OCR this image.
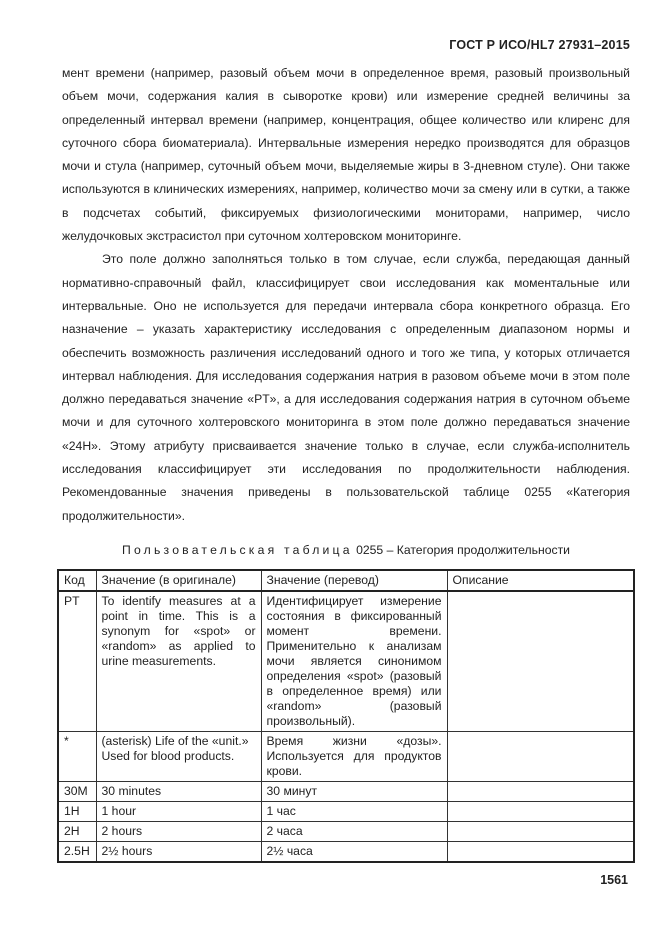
ГОСТ Р ИСО/HL7 27931–2015

мент времени (например, разовый объем мочи в определенное время, разовый произвольный объем мочи, содержания калия в сыворотке крови) или измерение средней величины за определенный интервал времени (например, концентрация, общее количество или клиренс для суточного сбора биоматериала). Интервальные измерения нередко производятся для образцов мочи и стула (например, суточный объем мочи, выделяемые жиры в 3-дневном стуле). Они также используются в клинических измерениях, например, количество мочи за смену или в сутки, а также в подсчетах событий, фиксируемых физиологическими мониторами, например, число желудочковых экстрасистол при суточном холтеровском мониторинге.

Это поле должно заполняться только в том случае, если служба, передающая данный нормативно-справочный файл, классифицирует свои исследования как моментальные или интервальные. Оно не используется для передачи интервала сбора конкретного образца. Его назначение – указать характеристику исследования с определенным диапазоном нормы и обеспечить возможность различения исследований одного и того же типа, у которых отличается интервал наблюдения. Для исследования содержания натрия в разовом объеме мочи в этом поле должно передаваться значение «PT», а для исследования содержания натрия в суточном объеме мочи и для суточного холтеровского мониторинга в этом поле должно передаваться значение «24H». Этому атрибуту присваивается значение только в случае, если служба-исполнитель исследования классифицирует эти исследования по продолжительности наблюдения. Рекомендованные значения приведены в пользовательской таблице 0255 «Категория продолжительности».

Пользовательская таблица 0255 – Категория продолжительности
Код	Значение (в оригинале)	Значение (перевод)	Описание
PT	To identify measures at a point in time. This is a synonym for «spot» or «random» as applied to urine measurements.	Идентифицирует измерение состояния в фиксированный момент времени. Применительно к анализам мочи является синонимом определения «spot» (разовый в определенное время) или «random» (разовый произвольный).	
*	(asterisk) Life of the «unit.» Used for blood products.	Время жизни «дозы». Используется для продуктов крови.	
30M	30 minutes	30 минут	
1H	1 hour	1 час	
2H	2 hours	2 часа	
2.5H	2½ hours	2½ часа	
1561
